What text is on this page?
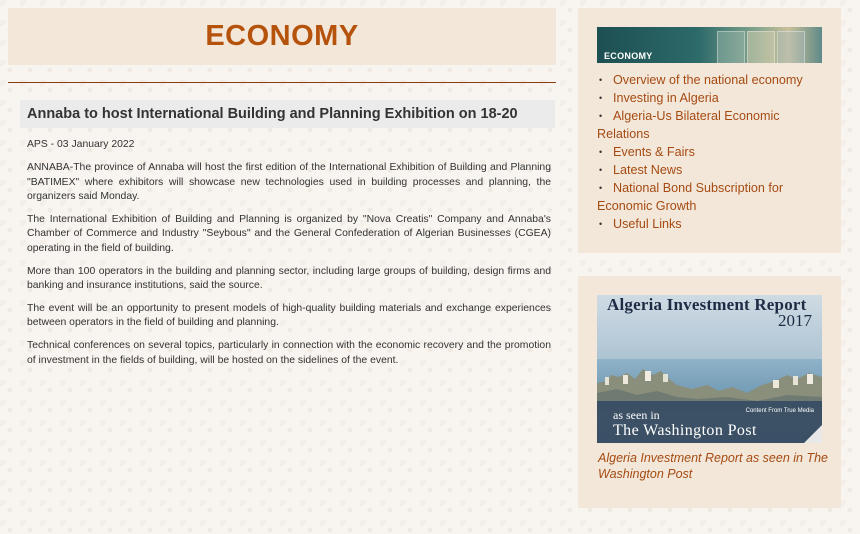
ECONOMY
Annaba to host International Building and Planning Exhibition on 18-20

APS - 03 January 2022

ANNABA-The province of Annaba will host the first edition of the International Exhibition of Building and Planning "BATIMEX" where exhibitors will showcase new technologies used in building processes and planning, the organizers said Monday.

The International Exhibition of Building and Planning is organized by "Nova Creatis" Company and Annaba's Chamber of Commerce and Industry "Seybous" and the General Confederation of Algerian Businesses (CGEA) operating in the field of building.

More than 100 operators in the building and planning sector, including large groups of building, design firms and banking and insurance institutions, said the source.

The event will be an opportunity to present models of high-quality building materials and exchange experiences between operators in the field of building and planning.

Technical conferences on several topics, particularly in connection with the economic recovery and the promotion of investment in the fields of building, will be hosted on the sidelines of the event.

ECONOMY
• Overview of the national economy
• Investing in Algeria
• Algeria-Us Bilateral Economic Relations
• Events & Fairs
• Latest News
• National Bond Subscription for Economic Growth
• Useful Links
Algeria Investment Report
2017
Content From True Media
as seen in
The Washington Post
Algeria Investment Report as seen in The Washington Post
